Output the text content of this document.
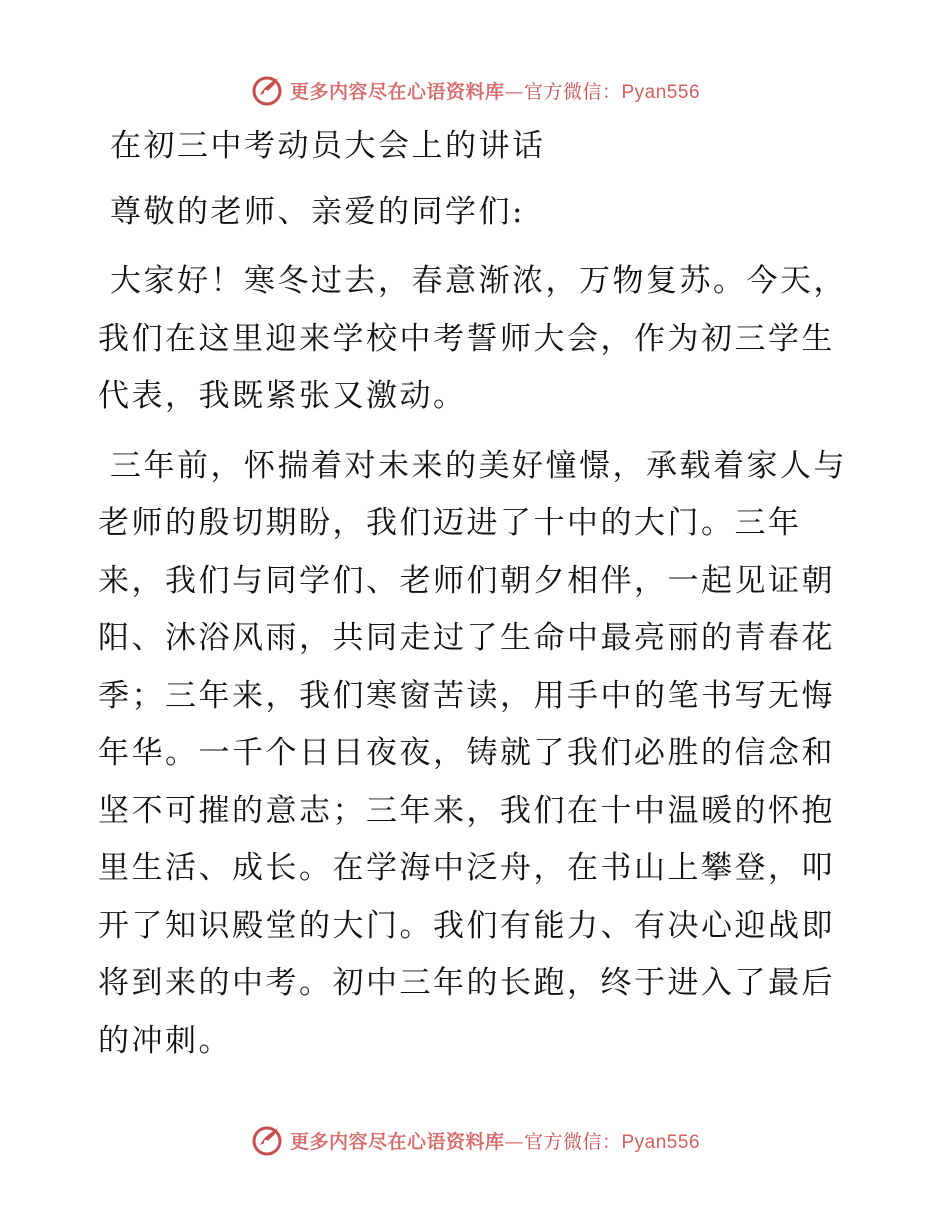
更多内容尽在心语资料库—官方微信：Pyan556

在初三中考动员大会上的讲话

尊敬的老师、亲爱的同学们:

大家好！寒冬过去，春意渐浓，万物复苏。今天，我们在这里迎来学校中考誓师大会，作为初三学生代表，我既紧张又激动。

三年前，怀揣着对未来的美好憧憬，承载着家人与老师的殷切期盼，我们迈进了十中的大门。三年来，我们与同学们、老师们朝夕相伴，一起见证朝阳、沐浴风雨，共同走过了生命中最亮丽的青春花季；三年来，我们寒窗苦读，用手中的笔书写无悔年华。一千个日日夜夜，铸就了我们必胜的信念和坚不可摧的意志；三年来，我们在十中温暖的怀抱里生活、成长。在学海中泛舟，在书山上攀登，叩开了知识殿堂的大门。我们有能力、有决心迎战即将到来的中考。初中三年的长跑，终于进入了最后的冲刺。

更多内容尽在心语资料库—官方微信：Pyan556
